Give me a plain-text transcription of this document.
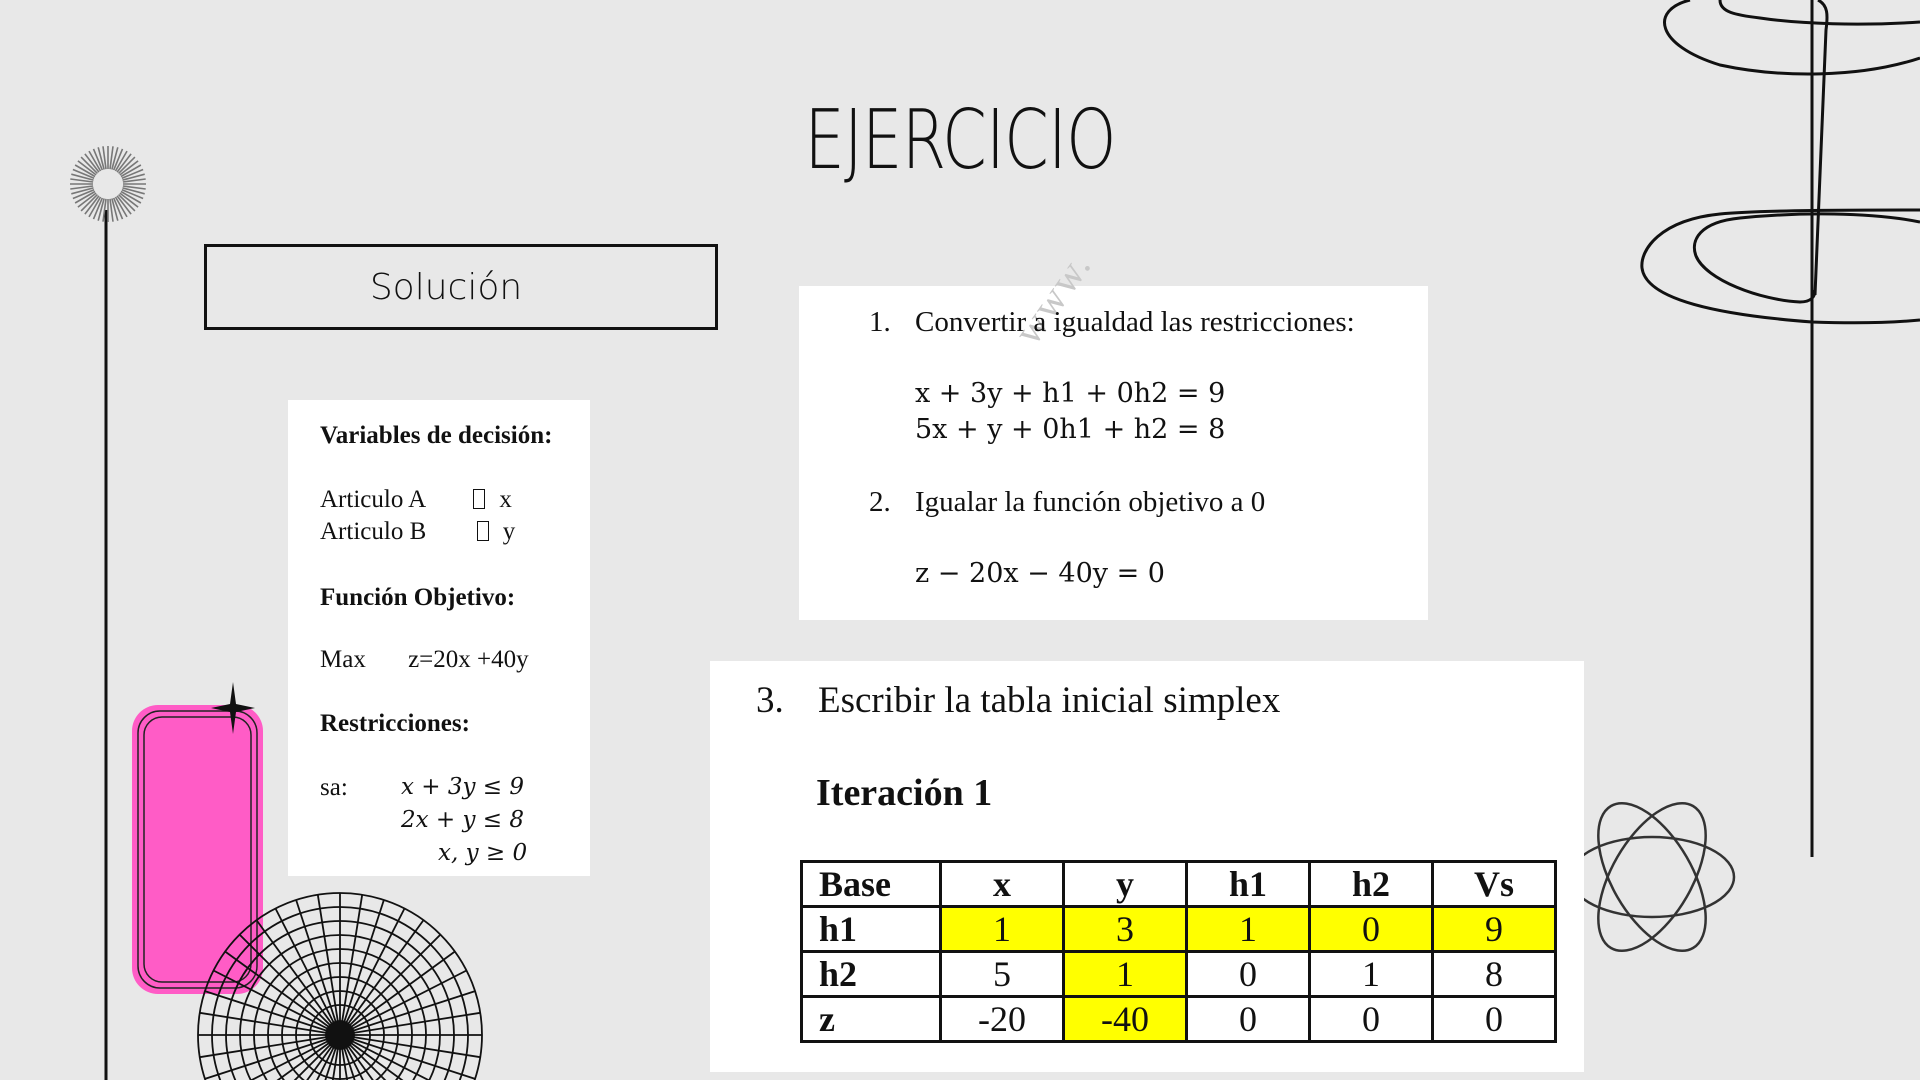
EJERCICIO
Solución
Variables de decisión:
Articulo A	x
Articulo B	y
Función Objetivo:
Max z=20x +40y
Restricciones:
sa: x + 3y ≤ 9
2x + y ≤ 8
x, y ≥ 0
www.
1. Convertir a igualdad las restricciones:
x + 3y + h1 + 0h2 = 9
5x + y + 0h1 + h2 = 8
2. Igualar la función objetivo a 0
z − 20x − 40y = 0
3. Escribir la tabla inicial simplex
Iteración 1
Base	x	y	h1	h2	Vs
h1	1	3	1	0	9
h2	5	1	0	1	8
z	-20	-40	0	0	0
